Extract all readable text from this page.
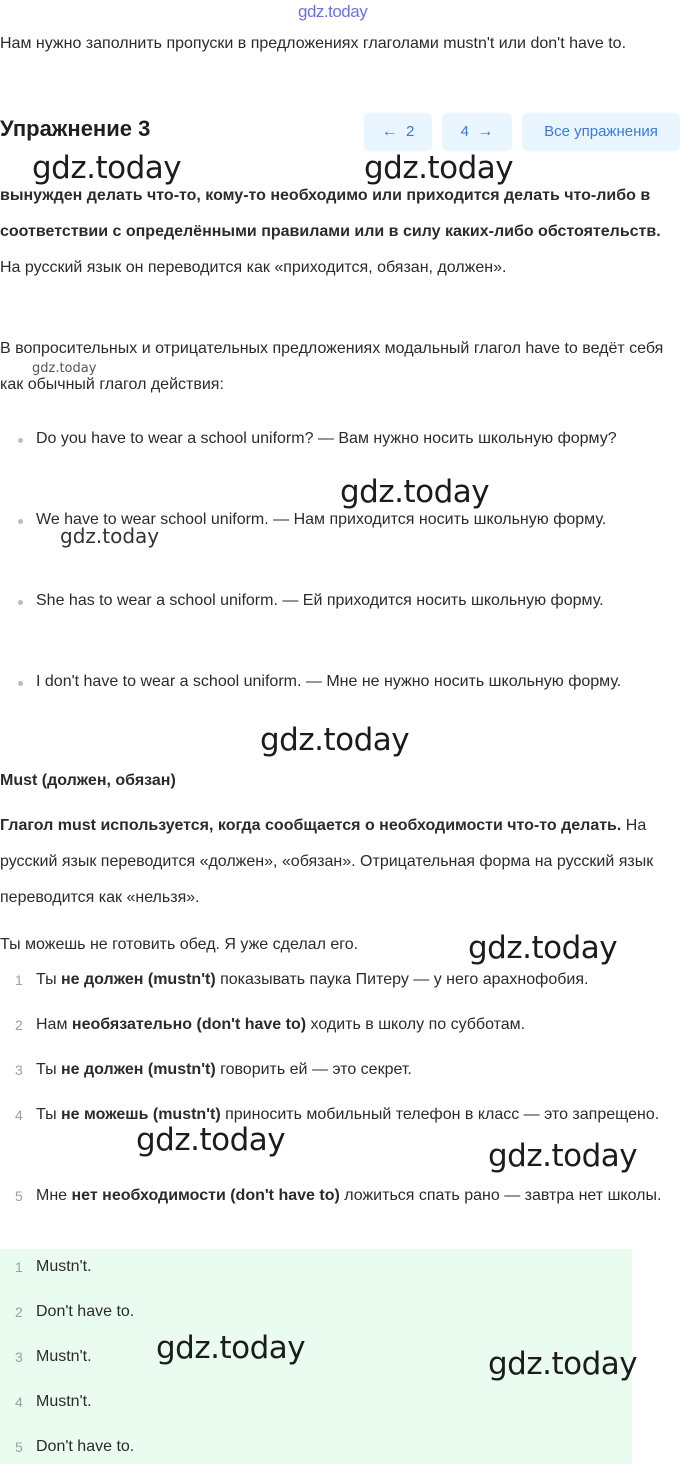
gdz.today
Нам нужно заполнить пропуски в предложениях глаголами mustn't или don't have to.
Упражнение 3	← 2	4 →	Все упражнения
вынужден делать что-то, кому-то необходимо или приходится делать что-либо в соответствии с определёнными правилами или в силу каких-либо обстоятельств. На русский язык он переводится как «приходится, обязан, должен».
В вопросительных и отрицательных предложениях модальный глагол have to ведёт себя как обычный глагол действия:
Do you have to wear a school uniform? — Вам нужно носить школьную форму?
We have to wear school uniform. — Нам приходится носить школьную форму.
She has to wear a school uniform. — Ей приходится носить школьную форму.
I don't have to wear a school uniform. — Мне не нужно носить школьную форму.
Must (должен, обязан)
Глагол must используется, когда сообщается о необходимости что-то делать. На русский язык переводится «должен», «обязан». Отрицательная форма на русский язык переводится как «нельзя».
Ты можешь не готовить обед. Я уже сделал его.
1 Ты не должен (mustn't) показывать паука Питеру — у него арахнофобия.
2 Нам необязательно (don't have to) ходить в школу по субботам.
3 Ты не должен (mustn't) говорить ей — это секрет.
4 Ты не можешь (mustn't) приносить мобильный телефон в класс — это запрещено.
5 Мне нет необходимости (don't have to) ложиться спать рано — завтра нет школы.
1 Mustn't.
2 Don't have to.
3 Mustn't.
4 Mustn't.
5 Don't have to.
gdz.today	gdz.today
gdz.today
gdz.today
gdz.today
gdz.today
gdz.today
gdz.today	gdz.today
gdz.today	gdz.today
